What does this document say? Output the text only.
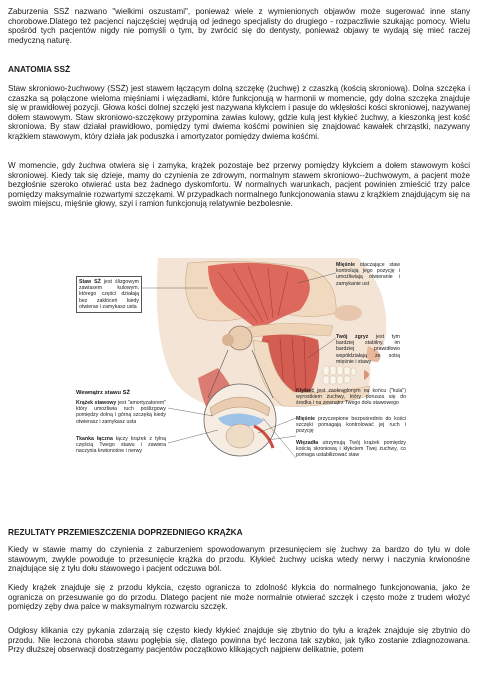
Zaburzenia SSŻ nazwano "wielkimi oszustami", ponieważ wiele z wymienionych objawów może sugerować inne stany chorobowe.Dlatego też pacjenci najczęściej wędrują od jednego specjalisty do drugiego - rozpaczliwie szukając pomocy. Wielu spośród tych pacjentów nigdy nie pomyśli o tym, by zwrócić się do dentysty, ponieważ objawy te wydają się mieć raczej medyczną naturę.

ANATOMIA SSŻ

Staw skroniowo-żuchwowy (SSŻ) jest stawem łączącym dolną szczękę (żuchwę) z czaszką (kością skroniową). Dolna szczęka i czaszka są połączone wieloma mięśniami i więzadłami, które funkcjonują w harmonii w momencie, gdy dolna szczęka znajduje się w prawidłowej pozycji. Głowa kości dolnej szczęki jest nazywana kłykciem i pasuje do wklęsłości kości skroniowej, nazywanej dołem stawowym. Staw skroniowo-szczękowy przypomina zawias kulowy, gdzie kulą jest kłykieć żuchwy, a kieszonką jest kość skroniowa. By staw działał prawidłowo, pomiędzy tymi dwiema kośćmi powinien się znajdować kawałek chrząstki, nazywany krążkiem stawowym, który działa jak poduszka i amortyzator pomiędzy dwiema kośćmi.

W momencie, gdy żuchwa otwiera się i zamyka, krążek pozostaje bez przerwy pomiędzy kłykciem a dołem stawowym kości skroniowej. Kiedy tak się dzieje, mamy do czynienia ze zdrowym, normalnym stawem skroniowo--żuchwowym, a pacjent może bezgłośnie szeroko otwierać usta bez żadnego dyskomfortu. W normalnych warunkach, pacjent powinien zmieścić trzy palce pomiędzy maksymalnie rozwartymi szczękami. W przypadkach normalnego funkcjonowania stawu z krążkiem znajdującym się na swoim miejscu, mięśnie głowy, szyi i ramion funkcjonują relatywnie bezbolesnie.

Staw SŻ jest ślizgowym zawiasem kulowym, którego części działają bez zakłóceń kiedy otwieras i zamykasz usta
Mięśnie otaczające staw kontrolują jego pozycję i umożliwiają otwieranie i zamykanie ust
Twój zgryz jest tym bardziej stabilny, im bardziej prawidłowo współdziałają ze sobą mięśnie i stawy
Wewnątrz stawu SŻ
Krążek stawowy jest "amortyzatorem" który umożliwia ruch poślizgowy pomiędzy dolną i górną szczęką kiedy otwierasz i zamykasz usta
Tkanka łączna łączy krążek z tylną częścią Twego stawu i zawiera naczynia krwionośne i nerwy
Kłykieć jest zaokrąglonym na końcu ("kula") wyrostkiem żuchwy, który porusza się do środka i na zewnątrz Twego dołu stawowego
Mięśnie przyczepione bezpośrednio do kości szczęki pomagają kontrolować jej ruch i pozycję
Więzadła utrzymują Twój krążek pomiędzy kością skroniową i kłykciem Twej żuchwy, co pomaga ustabilizować staw
REZULTATY PRZEMIESZCZENIA DOPRZEDNIEGO KRĄŻKA

Kiedy w stawie mamy do czynienia z zaburzeniem spowodowanym przesunięciem się żuchwy za bardzo do tyłu w dole stawowym, zwykle powoduje to przesunięcie krążka do przodu. Kłykieć żuchwy uciska wtedy nerwy i naczynia krwionośne znajdujące się z tyłu dołu stawowego i pacjent odczuwa ból.

Kiedy krążek znajduje się z przodu kłykcia, często ogranicza to zdolność kłykcia do normalnego funkcjonowania, jako że ogranicza on przesuwanie go do przodu. Dlatego pacjent nie może normalnie otwierać szczęk i często może z trudem włożyć pomiędzy zęby dwa palce w maksymalnym rozwarciu szczęk.

Odgłosy klikania czy pykania zdarzają się często kiedy kłykieć znajduje się zbytnio do tyłu a krążek znajduje się zbytnio do przodu. Nie leczona choroba stawu pogłębia się, dlatego powinna być leczona tak szybko, jak tylko zostanie zdiagnozowana. Przy dłuższej obserwacji dostrzegamy pacjentów początkowo klikających najpierw delikatnie, potem
